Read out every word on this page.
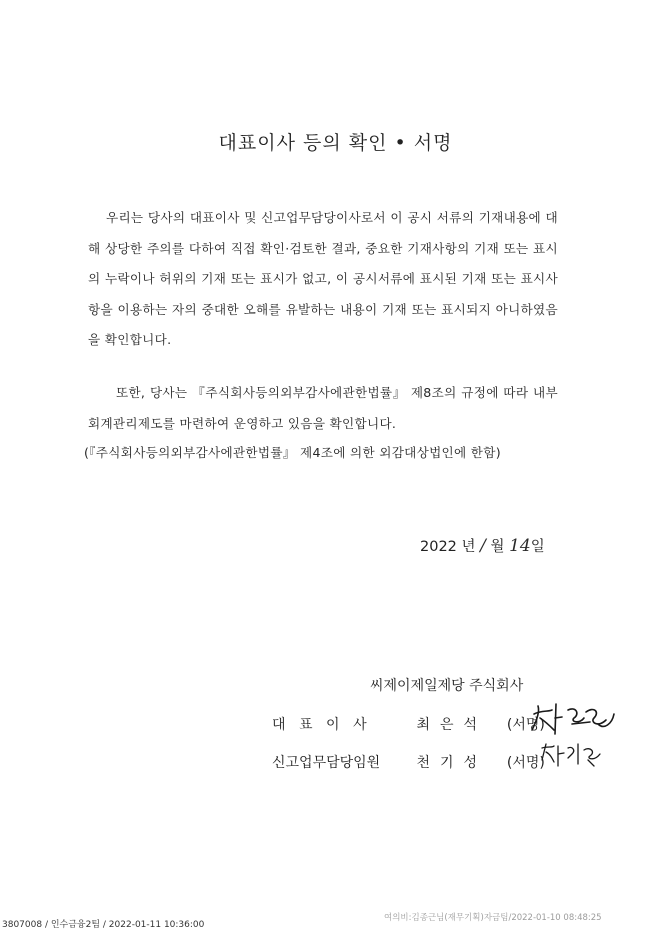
대표이사 등의 확인 • 서명
우리는 당사의 대표이사 및 신고업무담당이사로서 이 공시 서류의 기재내용에 대해 상당한 주의를 다하여 직접 확인·검토한 결과, 중요한 기재사항의 기재 또는 표시의 누락이나 허위의 기재 또는 표시가 없고, 이 공시서류에 표시된 기재 또는 표시사항을 이용하는 자의 중대한 오해를 유발하는 내용이 기재 또는 표시되지 아니하였음을 확인합니다.
또한, 당사는 『주식회사등의외부감사에관한법률』 제8조의 규정에 따라 내부회계관리제도를 마련하여 운영하고 있음을 확인합니다.
(『주식회사등의외부감사에관한법률』 제4조에 의한 외감대상법인에 한함)
2022 년 / 월 14일
씨제이제일제당 주식회사
대표이사	최은석 (서명)
신고업무담당임원	천기성 (서명)
3807008 / 인수금융2팀 / 2022-01-11 10:36:00
여의비:김종근님(재무기획)자금팀/2022-01-10 08:48:25
